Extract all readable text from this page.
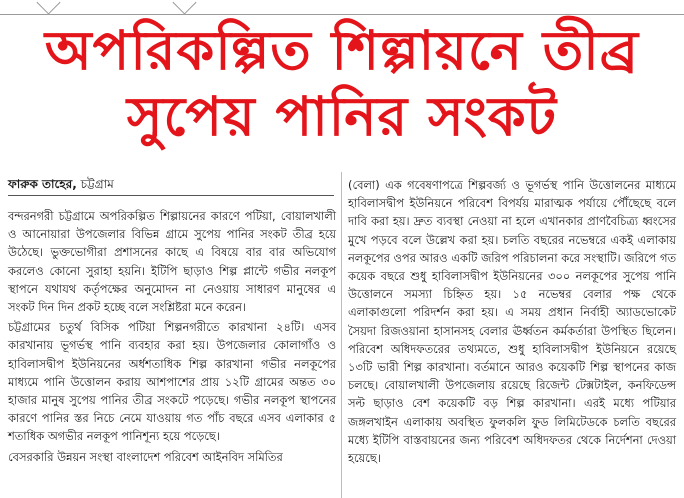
অপরিকল্পিত শিল্পায়নে তীব্র
সুপেয় পানির সংকট
ফারুক তাহের, চট্টগ্রাম

বন্দরনগরী চট্টগ্রামে অপরিকল্পিত শিল্পায়নের কারণে পটিয়া, বোয়ালখালী ও আনোয়ারা উপজেলার বিভিন্ন গ্রামে সুপেয় পানির সংকট তীব্র হয়ে উঠেছে। ভুক্তভোগীরা প্রশাসনের কাছে এ বিষয়ে বার বার অভিযোগ করলেও কোনো সুরাহা হয়নি। ইটিপি ছাড়াও শিল্প প্লান্টে গভীর নলকূপ স্থাপনে যথাযথ কর্তৃপক্ষের অনুমোদন না নেওয়ায় সাধারণ মানুষের এ সংকট দিন দিন প্রকট হচ্ছে বলে সংশ্লিষ্টরা মনে করেন।

চট্টগ্রামের চতুর্থ বিসিক পটিয়া শিল্পনগরীতে কারখানা ২৪টি। এসব কারখানায় ভূগর্ভস্থ পানি ব্যবহার করা হয়। উপজেলার কোলাগাঁও ও হাবিলাসদ্বীপ ইউনিয়নের অর্ধশতাধিক শিল্প কারখানা গভীর নলকূপের মাধ্যমে পানি উত্তোলন করায় আশপাশের প্রায় ১২টি গ্রামের অন্তত ৩০ হাজার মানুষ সুপেয় পানির তীব্র সংকটে পড়েছে। গভীর নলকূপ স্থাপনের কারণে পানির স্তর নিচে নেমে যাওয়ায় গত পাঁচ বছরে এসব এলাকার ৫ শতাধিক অগভীর নলকূপ পানিশূন্য হয়ে পড়েছে।

বেসরকারি উন্নয়ন সংস্থা বাংলাদেশ পরিবেশ আইনবিদ সমিতির

(বেলা) এক গবেষণাপত্রে শিল্পবর্জ্য ও ভূগর্ভস্থ পানি উত্তোলনের মাধ্যমে হাবিলাসদ্বীপ ইউনিয়নে পরিবেশ বিপর্যয় মারাত্মক পর্যায়ে পৌঁছেছে বলে দাবি করা হয়। দ্রুত ব্যবস্থা নেওয়া না হলে এখানকার প্রাণবৈচিত্র্য ধ্বংসের মুখে পড়বে বলে উল্লেখ করা হয়। চলতি বছরের নভেম্বরে একই এলাকায় নলকূপের ওপর আরও একটি জরিপ পরিচালনা করে সংস্থাটি। জরিপে গত কয়েক বছরে শুধু হাবিলাসদ্বীপ ইউনিয়নের ৩০০ নলকূপের সুপেয় পানি উত্তোলনে সমস্যা চিহ্নিত হয়। ১৫ নভেম্বর বেলার পক্ষ থেকে এলাকাগুলো পরিদর্শন করা হয়। এ সময় প্রধান নির্বাহী অ্যাডভোকেট সৈয়দা রিজওয়ানা হাসানসহ বেলার ঊর্ধ্বতন কর্মকর্তারা উপস্থিত ছিলেন। পরিবেশ অধিদফতরের তথ্যমতে, শুধু হাবিলাসদ্বীপ ইউনিয়নে রয়েছে ১৩টি ভারী শিল্প কারখানা। বর্তমানে আরও কয়েকটি শিল্প স্থাপনের কাজ চলছে। বোয়ালখালী উপজেলায় রয়েছে রিজেন্ট টেক্সটাইল, কনফিডেন্স সল্ট ছাড়াও বেশ কয়েকটি বড় শিল্প কারখানা। এরই মধ্যে পটিয়ার জঙ্গলখাইন এলাকায় অবস্থিত ফুলকলি ফুড লিমিটেডকে চলতি বছরের মধ্যে ইটিপি বাস্তবায়নের জন্য পরিবেশ অধিদফতর থেকে নির্দেশনা দেওয়া হয়েছে।
